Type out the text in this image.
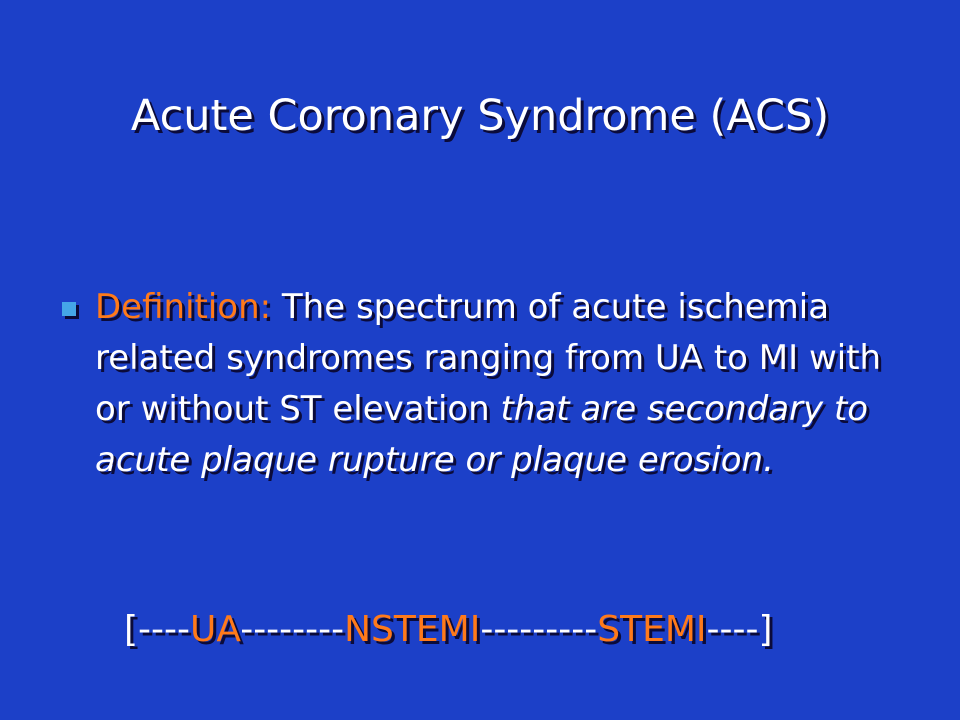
Acute Coronary Syndrome (ACS)
Definition: The spectrum of acute ischemia related syndromes ranging from UA to MI with or without ST elevation that are secondary to acute plaque rupture or plaque erosion.
[----UA--------NSTEMI---------STEMI----]
